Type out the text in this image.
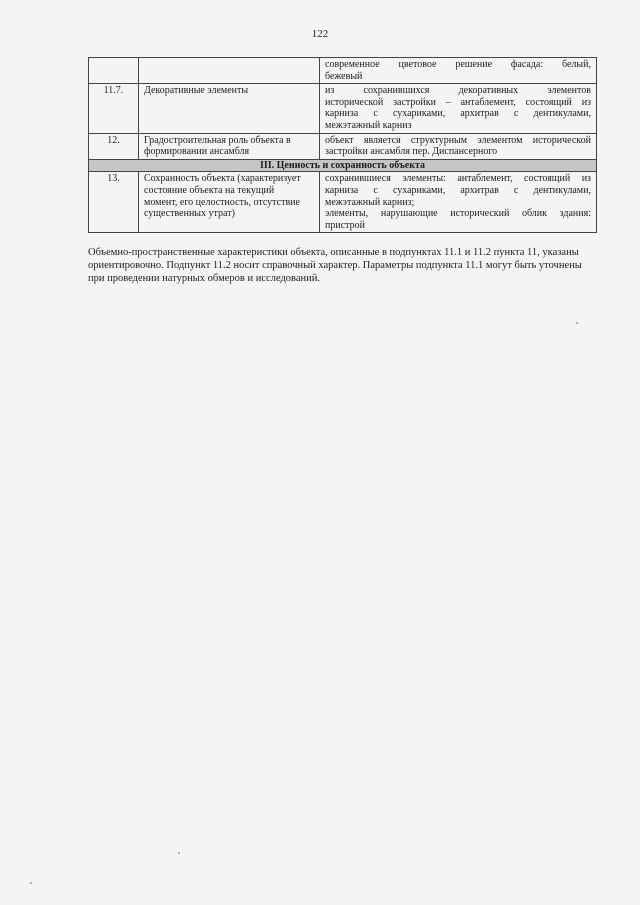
122

		современное цветовое решение фасада: белый,
бежевый

11.7.	Декоративные элементы	из сохранившихся декоративных элементов
исторической застройки – антаблемент, состоящий из
карниза с сухариками, архитрав с дентикулами,
межэтажный карниз

12.	Градостроительная роль объекта в
формировании ансамбля	объект является структурным элементом исторической
застройки ансамбля пер. Диспансерного

III. Ценность и сохранность объекта		
13.	Сохранность объекта (характеризует
состояние объекта на текущий
момент, его целостность, отсутствие
существенных утрат)	сохранившиеся элементы: антаблемент, состоящий из
карниза с сухариками, архитрав с дентикулами,
межэтажный карниз;
элементы, нарушающие исторический облик здания:
пристрой
Объемно-пространственные характеристики объекта, описанные в подпунктах 11.1 и 11.2 пункта 11, указаны
ориентировочно. Подпункт 11.2 носит справочный характер. Параметры подпункта 11.1 могут быть уточнены
при проведении натурных обмеров и исследований.
